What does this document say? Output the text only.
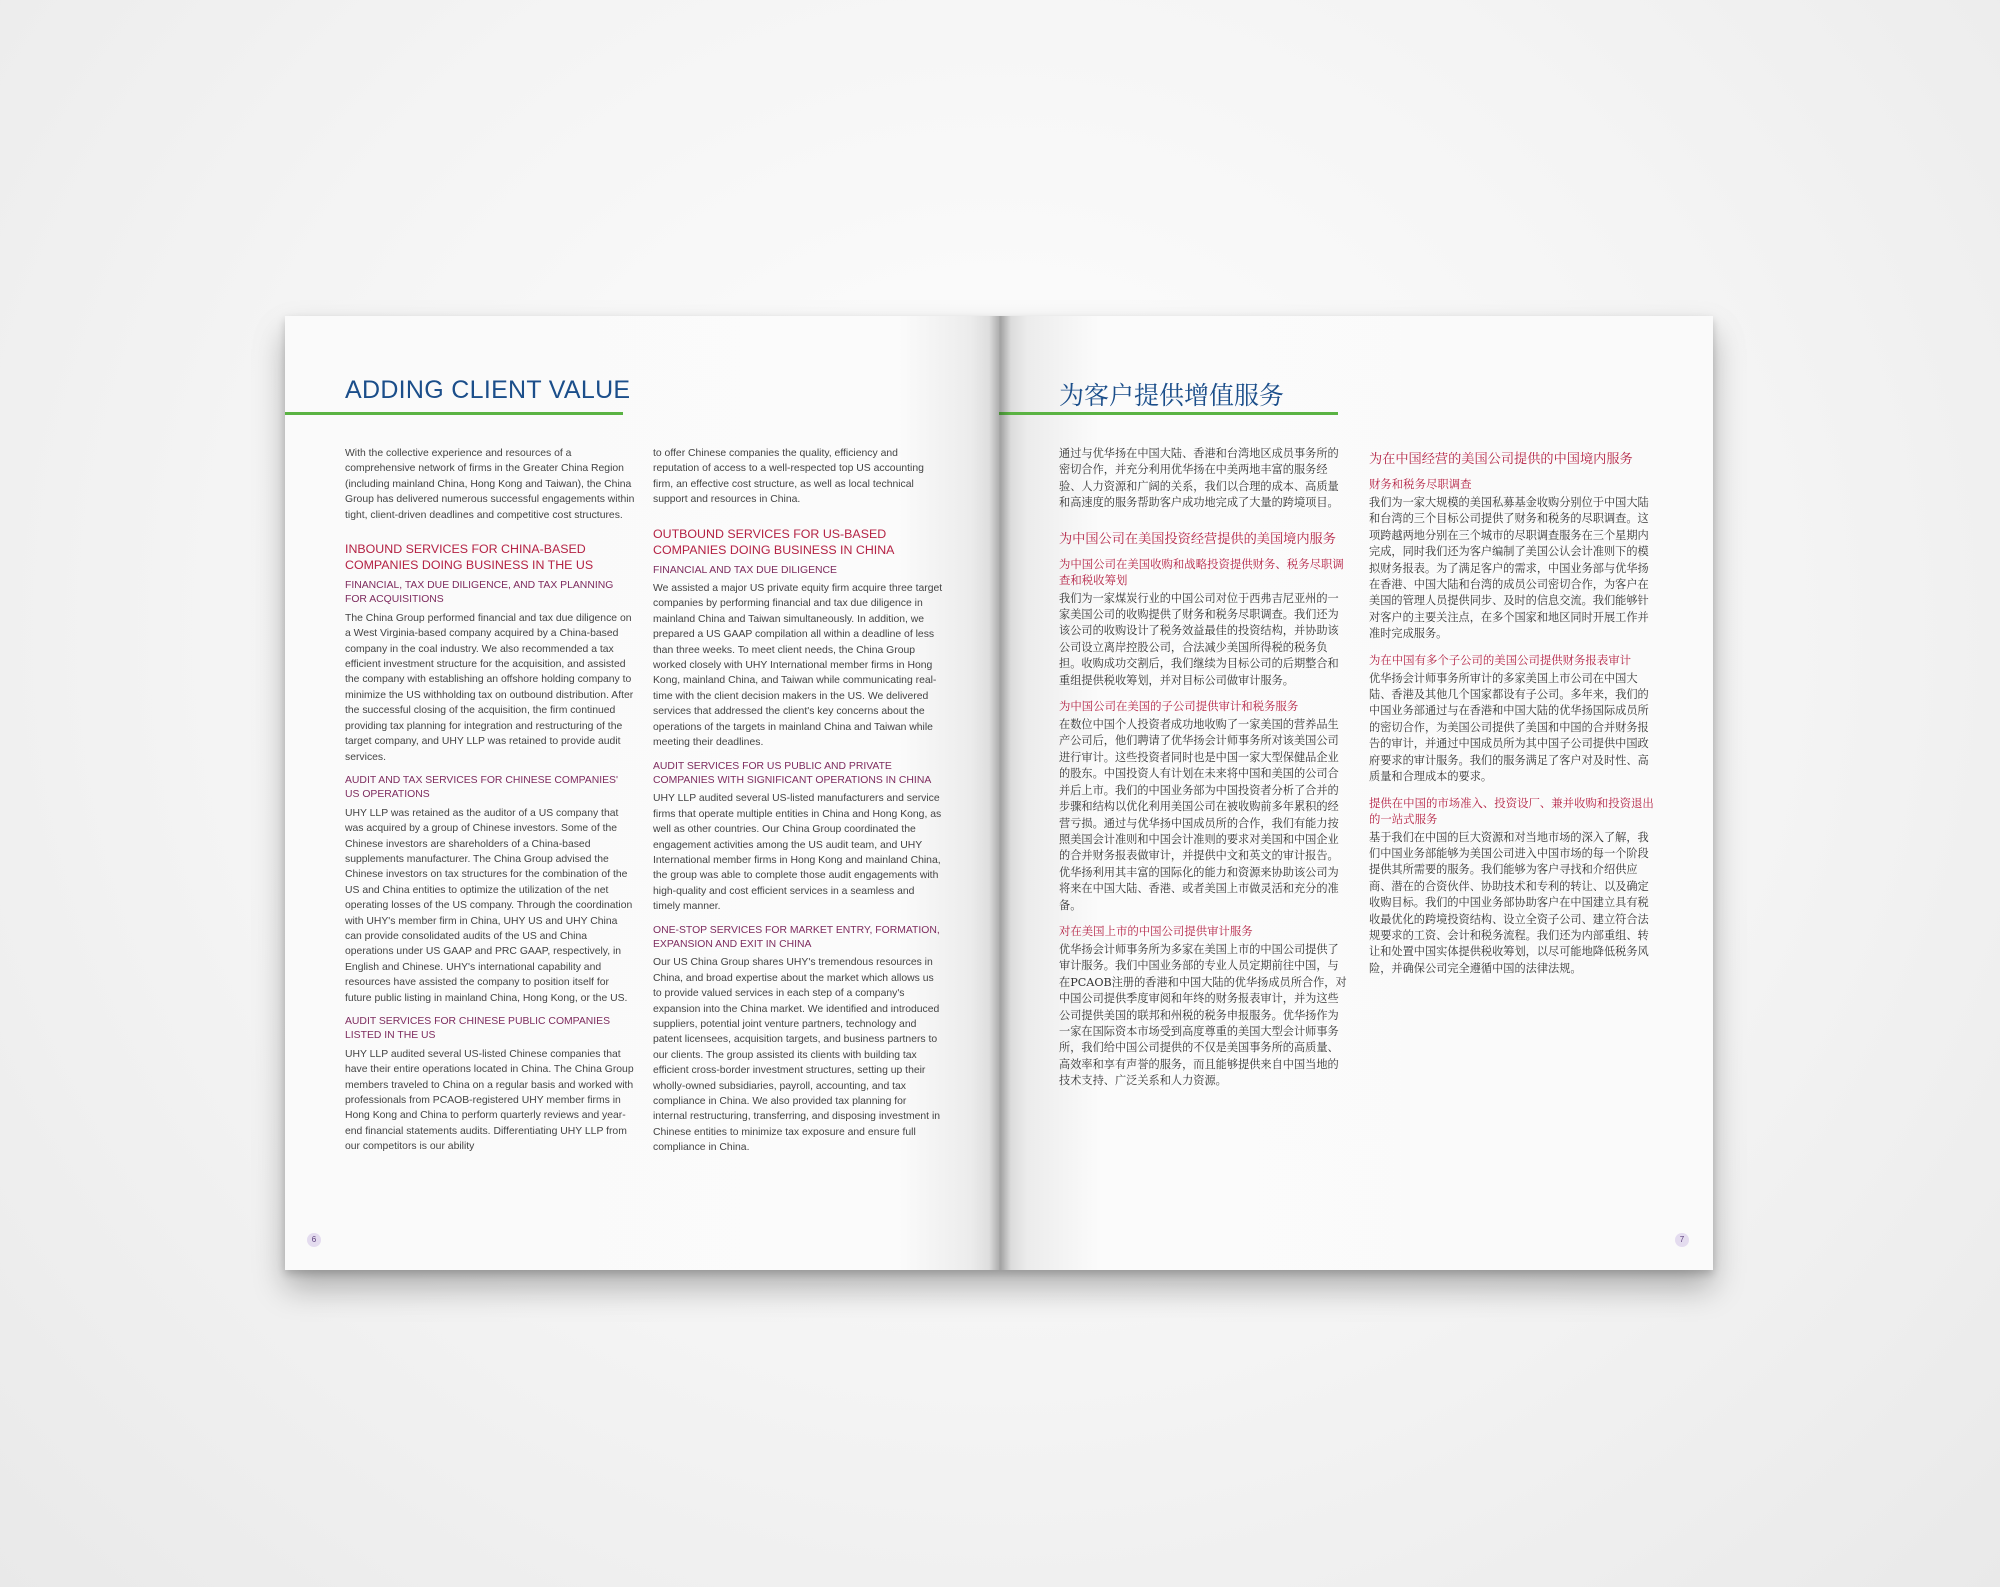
ADDING CLIENT VALUE

With the collective experience and resources of a comprehensive network of firms in the Greater China Region (including mainland China, Hong Kong and Taiwan), the China Group has delivered numerous successful engagements within tight, client-driven deadlines and competitive cost structures.

INBOUND SERVICES FOR CHINA-BASED COMPANIES DOING BUSINESS IN THE US
FINANCIAL, TAX DUE DILIGENCE, AND TAX PLANNING FOR ACQUISITIONS

The China Group performed financial and tax due diligence on a West Virginia-based company acquired by a China-based company in the coal industry. We also recommended a tax efficient investment structure for the acquisition, and assisted the company with establishing an offshore holding company to minimize the US withholding tax on outbound distribution. After the successful closing of the acquisition, the firm continued providing tax planning for integration and restructuring of the target company, and UHY LLP was retained to provide audit services.

AUDIT AND TAX SERVICES FOR CHINESE COMPANIES' US OPERATIONS

UHY LLP was retained as the auditor of a US company that was acquired by a group of Chinese investors. Some of the Chinese investors are shareholders of a China-based supplements manufacturer. The China Group advised the Chinese investors on tax structures for the combination of the US and China entities to optimize the utilization of the net operating losses of the US company. Through the coordination with UHY's member firm in China, UHY US and UHY China can provide consolidated audits of the US and China operations under US GAAP and PRC GAAP, respectively, in English and Chinese. UHY's international capability and resources have assisted the company to position itself for future public listing in mainland China, Hong Kong, or the US.

AUDIT SERVICES FOR CHINESE PUBLIC COMPANIES LISTED IN THE US

UHY LLP audited several US-listed Chinese companies that have their entire operations located in China. The China Group members traveled to China on a regular basis and worked with professionals from PCAOB-registered UHY member firms in Hong Kong and China to perform quarterly reviews and year-end financial statements audits. Differentiating UHY LLP from our competitors is our ability

to offer Chinese companies the quality, efficiency and reputation of access to a well-respected top US accounting firm, an effective cost structure, as well as local technical support and resources in China.

OUTBOUND SERVICES FOR US-BASED COMPANIES DOING BUSINESS IN CHINA
FINANCIAL AND TAX DUE DILIGENCE

We assisted a major US private equity firm acquire three target companies by performing financial and tax due diligence in mainland China and Taiwan simultaneously. In addition, we prepared a US GAAP compilation all within a deadline of less than three weeks. To meet client needs, the China Group worked closely with UHY International member firms in Hong Kong, mainland China, and Taiwan while communicating real-time with the client decision makers in the US. We delivered services that addressed the client's key concerns about the operations of the targets in mainland China and Taiwan while meeting their deadlines.

AUDIT SERVICES FOR US PUBLIC AND PRIVATE COMPANIES WITH SIGNIFICANT OPERATIONS IN CHINA

UHY LLP audited several US-listed manufacturers and service firms that operate multiple entities in China and Hong Kong, as well as other countries. Our China Group coordinated the engagement activities among the US audit team, and UHY International member firms in Hong Kong and mainland China, the group was able to complete those audit engagements with high-quality and cost efficient services in a seamless and timely manner.

ONE-STOP SERVICES FOR MARKET ENTRY, FORMATION, EXPANSION AND EXIT IN CHINA

Our US China Group shares UHY's tremendous resources in China, and broad expertise about the market which allows us to provide valued services in each step of a company's expansion into the China market. We identified and introduced suppliers, potential joint venture partners, technology and patent licensees, acquisition targets, and business partners to our clients. The group assisted its clients with building tax efficient cross-border investment structures, setting up their wholly-owned subsidiaries, payroll, accounting, and tax compliance in China. We also provided tax planning for internal restructuring, transferring, and disposing investment in Chinese entities to minimize tax exposure and ensure full compliance in China.

6
为客户提供增值服务

通过与优华扬在中国大陆、香港和台湾地区成员事务所的密切合作，并充分利用优华扬在中美两地丰富的服务经验、人力资源和广阔的关系，我们以合理的成本、高质量和高速度的服务帮助客户成功地完成了大量的跨境项目。

为中国公司在美国投资经营提供的美国境内服务
为中国公司在美国收购和战略投资提供财务、税务尽职调查和税收筹划

我们为一家煤炭行业的中国公司对位于西弗吉尼亚州的一家美国公司的收购提供了财务和税务尽职调查。我们还为该公司的收购设计了税务效益最佳的投资结构，并协助该公司设立离岸控股公司，合法减少美国所得税的税务负担。收购成功交割后，我们继续为目标公司的后期整合和重组提供税收筹划，并对目标公司做审计服务。

为中国公司在美国的子公司提供审计和税务服务

在数位中国个人投资者成功地收购了一家美国的营养品生产公司后，他们聘请了优华扬会计师事务所对该美国公司进行审计。这些投资者同时也是中国一家大型保健品企业的股东。中国投资人有计划在未来将中国和美国的公司合并后上市。我们的中国业务部为中国投资者分析了合并的步骤和结构以优化利用美国公司在被收购前多年累积的经营亏损。通过与优华扬中国成员所的合作，我们有能力按照美国会计准则和中国会计准则的要求对美国和中国企业的合并财务报表做审计，并提供中文和英文的审计报告。优华扬利用其丰富的国际化的能力和资源来协助该公司为将来在中国大陆、香港、或者美国上市做灵活和充分的准备。

对在美国上市的中国公司提供审计服务

优华扬会计师事务所为多家在美国上市的中国公司提供了审计服务。我们中国业务部的专业人员定期前往中国，与在PCAOB注册的香港和中国大陆的优华扬成员所合作，对中国公司提供季度审阅和年终的财务报表审计，并为这些公司提供美国的联邦和州税的税务申报服务。优华扬作为一家在国际资本市场受到高度尊重的美国大型会计师事务所，我们给中国公司提供的不仅是美国事务所的高质量、高效率和享有声誉的服务，而且能够提供来自中国当地的技术支持、广泛关系和人力资源。

为在中国经营的美国公司提供的中国境内服务
财务和税务尽职调查

我们为一家大规模的美国私募基金收购分别位于中国大陆和台湾的三个目标公司提供了财务和税务的尽职调查。这项跨越两地分别在三个城市的尽职调查服务在三个星期内完成，同时我们还为客户编制了美国公认会计准则下的模拟财务报表。为了满足客户的需求，中国业务部与优华扬在香港、中国大陆和台湾的成员公司密切合作，为客户在美国的管理人员提供同步、及时的信息交流。我们能够针对客户的主要关注点，在多个国家和地区同时开展工作并准时完成服务。

为在中国有多个子公司的美国公司提供财务报表审计

优华扬会计师事务所审计的多家美国上市公司在中国大陆、香港及其他几个国家都设有子公司。多年来，我们的中国业务部通过与在香港和中国大陆的优华扬国际成员所的密切合作，为美国公司提供了美国和中国的合并财务报告的审计，并通过中国成员所为其中国子公司提供中国政府要求的审计服务。我们的服务满足了客户对及时性、高质量和合理成本的要求。

提供在中国的市场准入、投资设厂、兼并收购和投资退出的一站式服务

基于我们在中国的巨大资源和对当地市场的深入了解，我们中国业务部能够为美国公司进入中国市场的每一个阶段提供其所需要的服务。我们能够为客户寻找和介绍供应商、潜在的合资伙伴、协助技术和专利的转让、以及确定收购目标。我们的中国业务部协助客户在中国建立具有税收最优化的跨境投资结构、设立全资子公司、建立符合法规要求的工资、会计和税务流程。我们还为内部重组、转让和处置中国实体提供税收筹划，以尽可能地降低税务风险，并确保公司完全遵循中国的法律法规。

7
